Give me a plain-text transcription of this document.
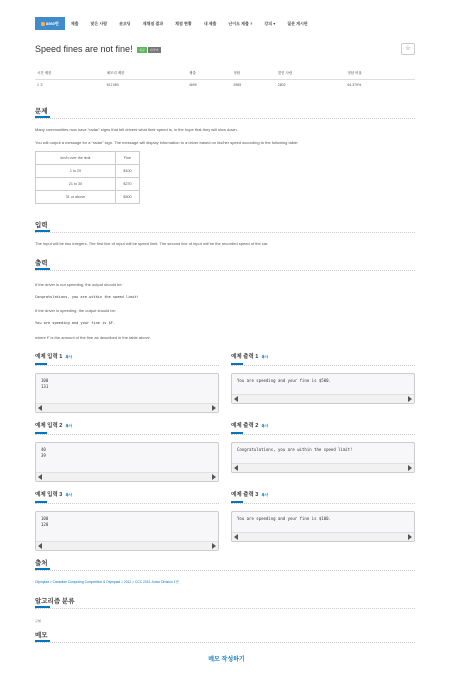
8560번	제출	맞은 사람	숏코딩	재채점 결과	채점 현황	내 제출	난이도 제출 ?	강의 ▾	질문 게시판
Speed fines are not fine! 성공 다국어	☆
시간 제한	메모리 제한	제출	정답	맞힌 사람	정답 비율
1 초	512 MB	4699	2985	2802	64.379%
문제
Many communities now have “radar” signs that tell drivers what their speed is, in the hope that they will slow down.
You will output a message for a “radar” sign. The message will display information to a driver based on his/her speed according to the following table:
km/h over the limit	Fine
1 to 20	$100
21 to 30	$270
31 or above	$500
입력
The input will be two integers. The first line of input will be speed limit. The second line of input will be the recorded speed of the car.
출력
If the driver is not speeding, the output should be:
Congratulations, you are within the speed limit!
If the driver is speeding, the output should be:
You are speeding and your fine is $F.
where F is the amount of the fine as described in the table above.
예제 입력 1 복사
100
131
예제 출력 1 복사
You are speeding and your fine is $500.
예제 입력 2 복사
40
39
예제 출력 2 복사
Congratulations, you are within the speed limit!
예제 입력 3 복사
100
120
예제 출력 3 복사
You are speeding and your fine is $100.
출처
Olympiad > Canadian Computing Competition & Olympiad > 2012 > CCC 2012 Junior Division 1번
알고리즘 분류
구현
메모
메모 작성하기
